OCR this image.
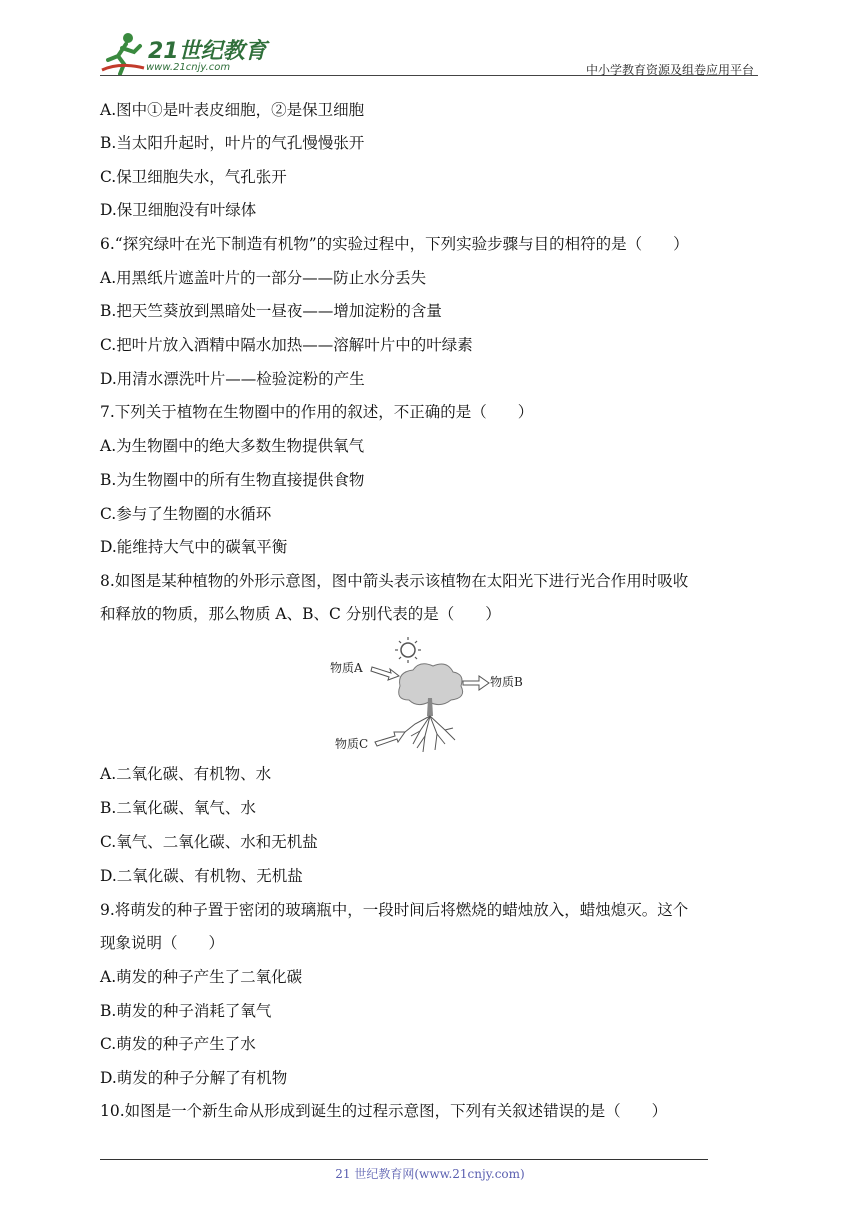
21世纪教育
www.21cnjy.com	中小学教育资源及组卷应用平台
A.图中①是叶表皮细胞，②是保卫细胞
B.当太阳升起时，叶片的气孔慢慢张开
C.保卫细胞失水，气孔张开
D.保卫细胞没有叶绿体
6.“探究绿叶在光下制造有机物”的实验过程中，下列实验步骤与目的相符的是（　　）
A.用黑纸片遮盖叶片的一部分——防止水分丢失
B.把天竺葵放到黑暗处一昼夜——增加淀粉的含量
C.把叶片放入酒精中隔水加热——溶解叶片中的叶绿素
D.用清水漂洗叶片——检验淀粉的产生
7.下列关于植物在生物圈中的作用的叙述，不正确的是（　　）
A.为生物圈中的绝大多数生物提供氧气
B.为生物圈中的所有生物直接提供食物
C.参与了生物圈的水循环
D.能维持大气中的碳氧平衡
8.如图是某种植物的外形示意图，图中箭头表示该植物在太阳光下进行光合作用时吸收
和释放的物质，那么物质 A、B、C 分别代表的是（　　）
物质A
物质B
物质C
A.二氧化碳、有机物、水
B.二氧化碳、氧气、水
C.氧气、二氧化碳、水和无机盐
D.二氧化碳、有机物、无机盐
9.将萌发的种子置于密闭的玻璃瓶中，一段时间后将燃烧的蜡烛放入，蜡烛熄灭。这个
现象说明（　　）
A.萌发的种子产生了二氧化碳
B.萌发的种子消耗了氧气
C.萌发的种子产生了水
D.萌发的种子分解了有机物
10.如图是一个新生命从形成到诞生的过程示意图，下列有关叙述错误的是（　　）
21 世纪教育网(www.21cnjy.com)
